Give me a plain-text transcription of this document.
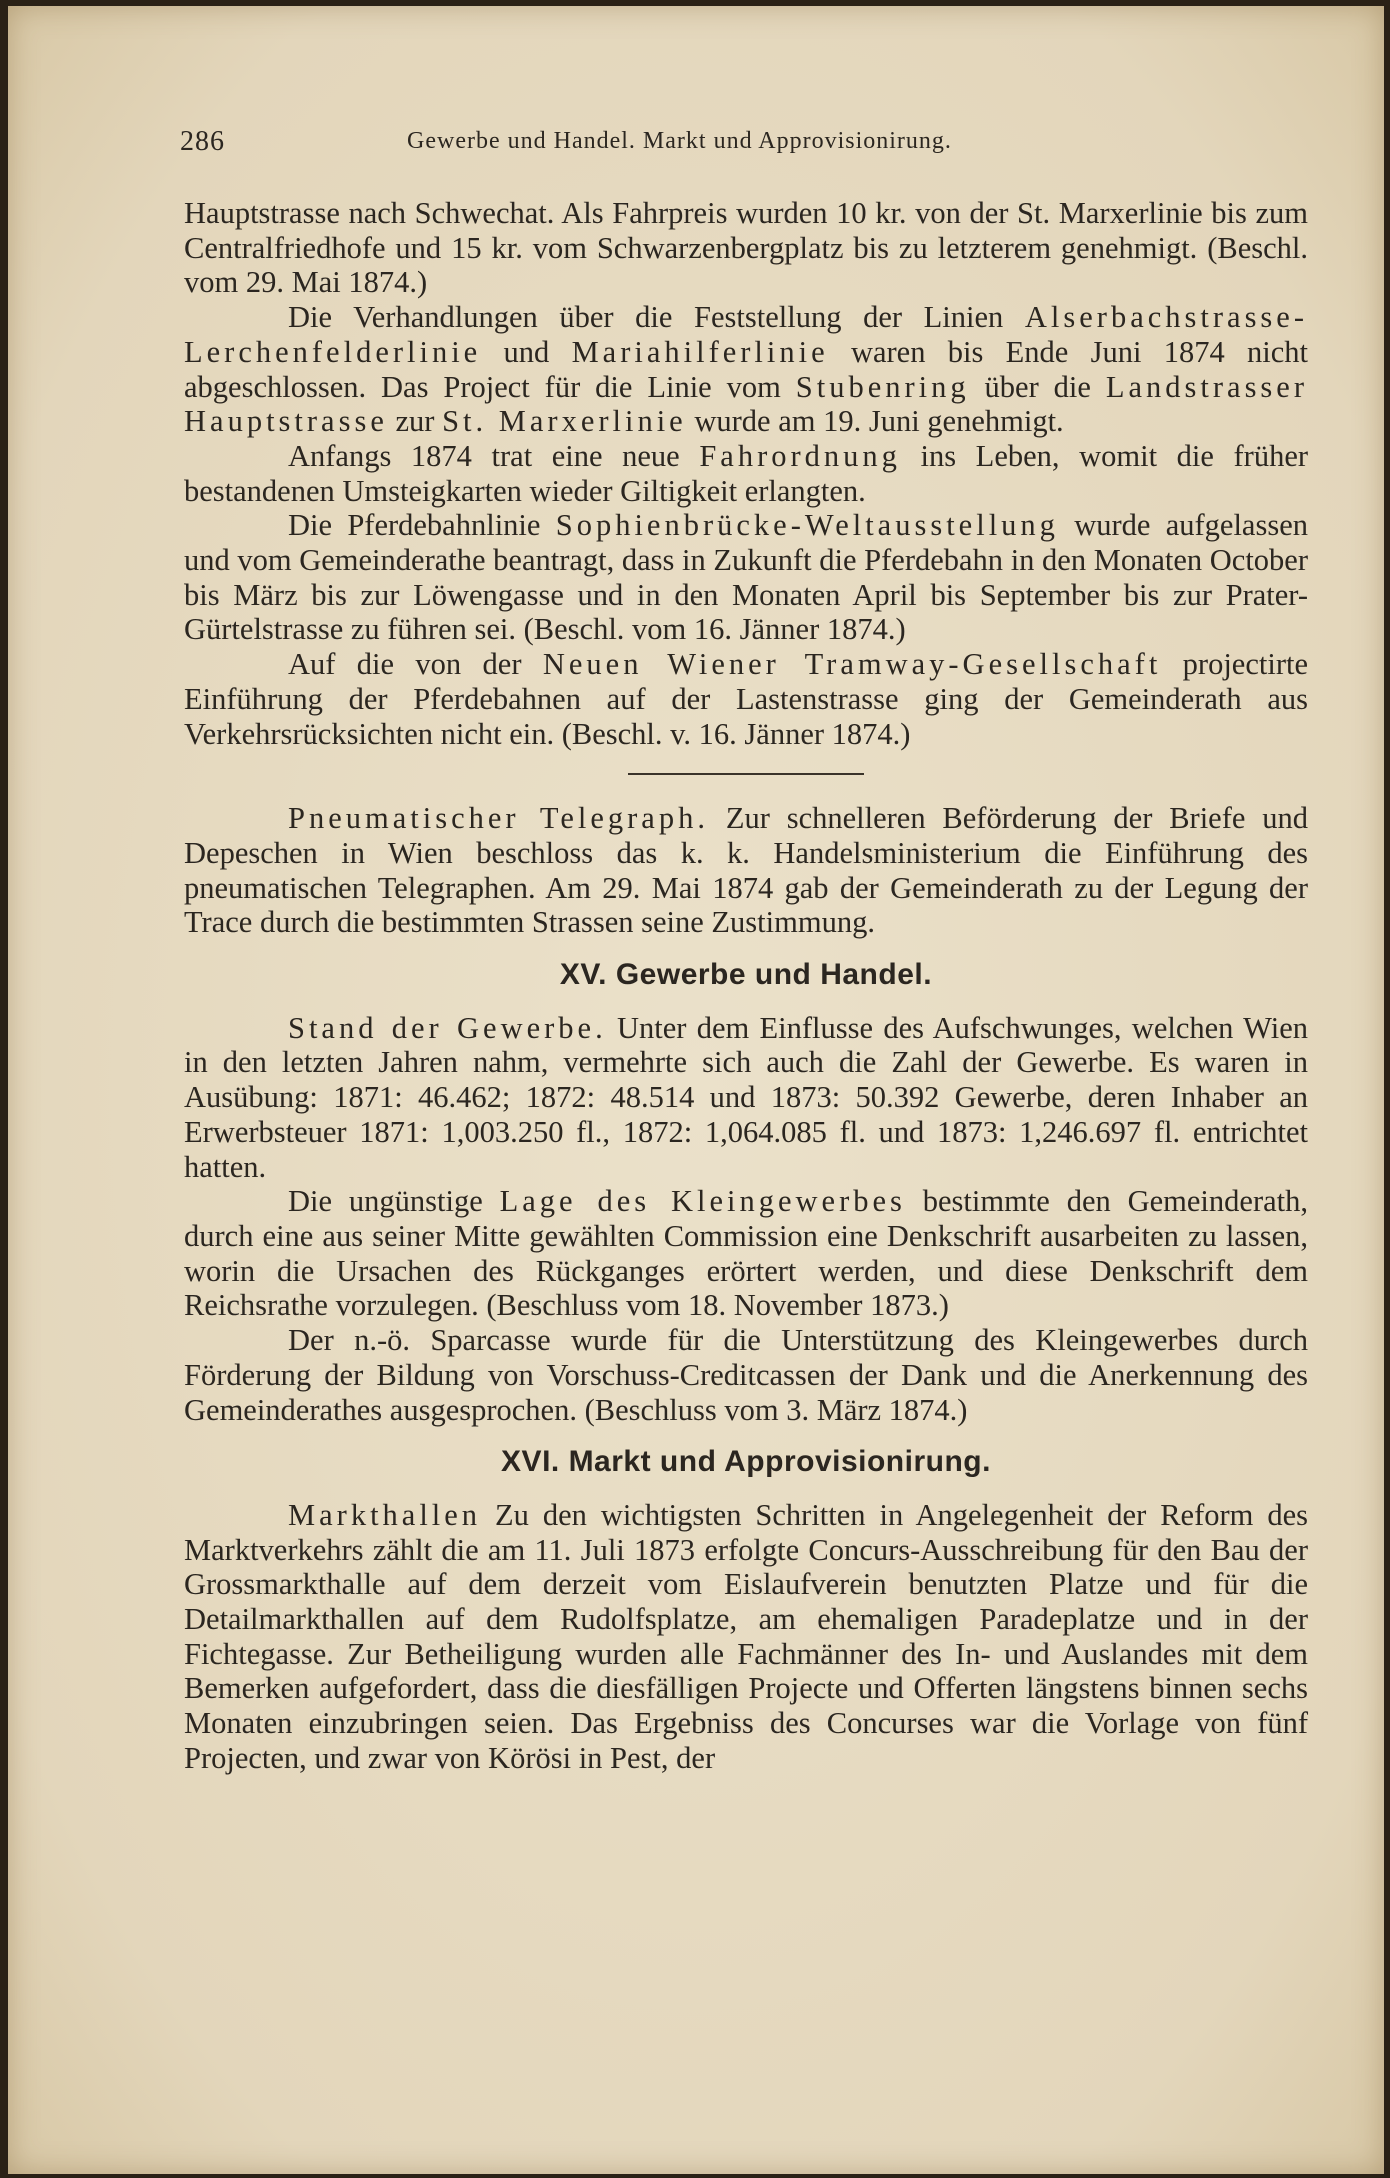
286	Gewerbe und Handel. Markt und Approvisionirung.

Hauptstrasse nach Schwechat. Als Fahrpreis wurden 10 kr. von der St. Marxerlinie bis zum Centralfriedhofe und 15 kr. vom Schwarzenbergplatz bis zu letzterem genehmigt. (Beschl. vom 29. Mai 1874.)

Die Verhandlungen über die Feststellung der Linien Alserbachstrasse-Lerchenfelderlinie und Mariahilferlinie waren bis Ende Juni 1874 nicht abgeschlossen. Das Project für die Linie vom Stubenring über die Landstrasser Hauptstrasse zur St. Marxerlinie wurde am 19. Juni genehmigt.

Anfangs 1874 trat eine neue Fahrordnung ins Leben, womit die früher bestandenen Umsteigkarten wieder Giltigkeit erlangten.

Die Pferdebahnlinie Sophienbrücke-Weltausstellung wurde aufgelassen und vom Gemeinderathe beantragt, dass in Zukunft die Pferdebahn in den Monaten October bis März bis zur Löwengasse und in den Monaten April bis September bis zur Prater-Gürtelstrasse zu führen sei. (Beschl. vom 16. Jänner 1874.)

Auf die von der Neuen Wiener Tramway-Gesellschaft projectirte Einführung der Pferdebahnen auf der Lastenstrasse ging der Gemeinderath aus Verkehrsrücksichten nicht ein. (Beschl. v. 16. Jänner 1874.)

Pneumatischer Telegraph. Zur schnelleren Beförderung der Briefe und Depeschen in Wien beschloss das k. k. Handelsministerium die Einführung des pneumatischen Telegraphen. Am 29. Mai 1874 gab der Gemeinderath zu der Legung der Trace durch die bestimmten Strassen seine Zustimmung.

XV. Gewerbe und Handel.

Stand der Gewerbe. Unter dem Einflusse des Aufschwunges, welchen Wien in den letzten Jahren nahm, vermehrte sich auch die Zahl der Gewerbe. Es waren in Ausübung: 1871: 46.462; 1872: 48.514 und 1873: 50.392 Gewerbe, deren Inhaber an Erwerbsteuer 1871: 1,003.250 fl., 1872: 1,064.085 fl. und 1873: 1,246.697 fl. entrichtet hatten.

Die ungünstige Lage des Kleingewerbes bestimmte den Gemeinderath, durch eine aus seiner Mitte gewählten Commission eine Denkschrift ausarbeiten zu lassen, worin die Ursachen des Rückganges erörtert werden, und diese Denkschrift dem Reichsrathe vorzulegen. (Beschluss vom 18. November 1873.)

Der n.-ö. Sparcasse wurde für die Unterstützung des Kleingewerbes durch Förderung der Bildung von Vorschuss-Creditcassen der Dank und die Anerkennung des Gemeinderathes ausgesprochen. (Beschluss vom 3. März 1874.)

XVI. Markt und Approvisionirung.

Markthallen Zu den wichtigsten Schritten in Angelegenheit der Reform des Marktverkehrs zählt die am 11. Juli 1873 erfolgte Concurs-Ausschreibung für den Bau der Grossmarkthalle auf dem derzeit vom Eislaufverein benutzten Platze und für die Detailmarkthallen auf dem Rudolfsplatze, am ehemaligen Paradeplatze und in der Fichtegasse. Zur Betheiligung wurden alle Fachmänner des In- und Auslandes mit dem Bemerken aufgefordert, dass die diesfälligen Projecte und Offerten längstens binnen sechs Monaten einzubringen seien. Das Ergebniss des Concurses war die Vorlage von fünf Projecten, und zwar von Körösi in Pest, der
